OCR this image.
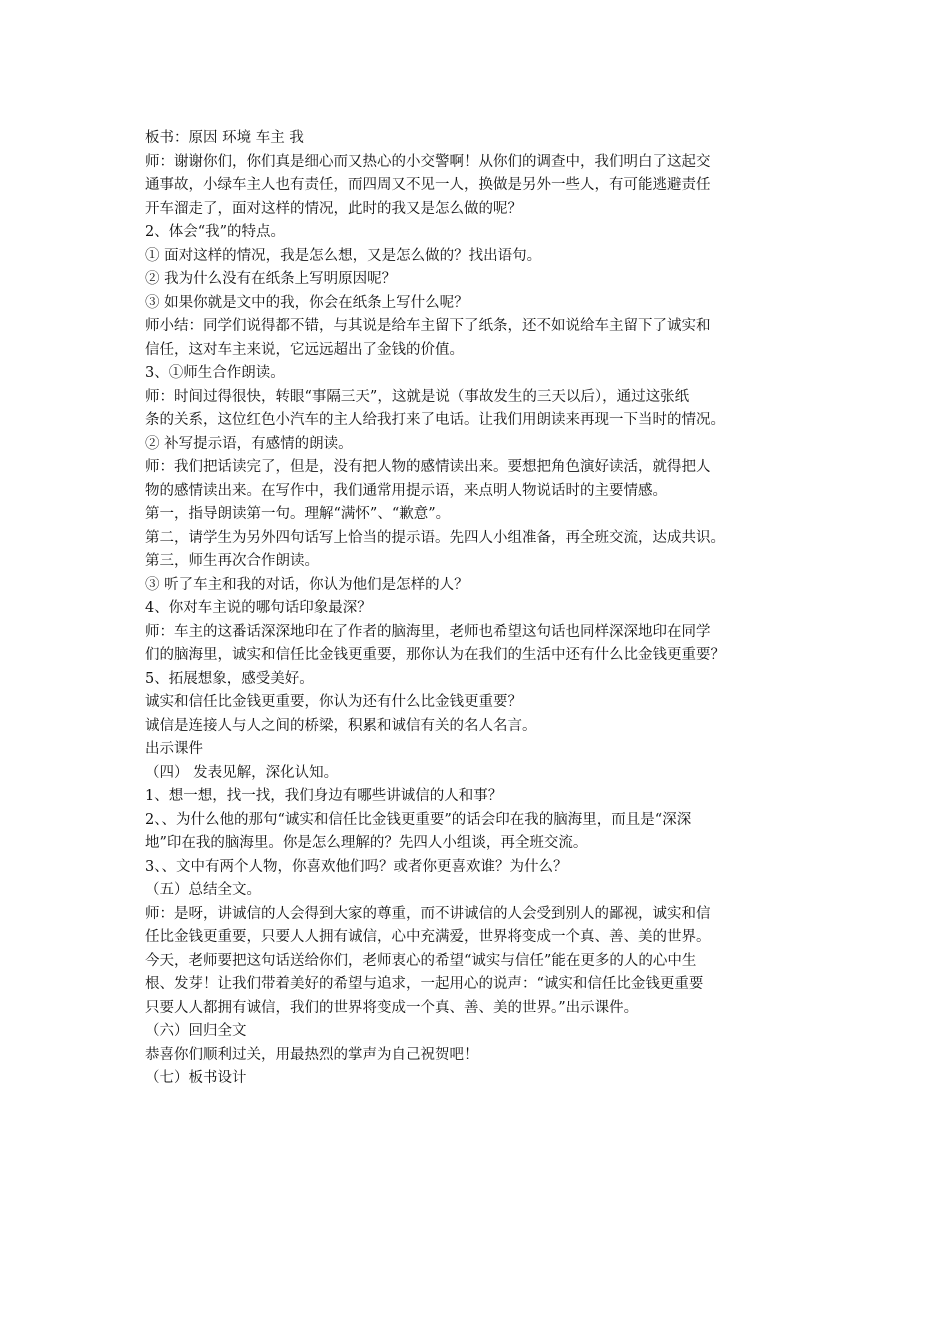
板书：原因 环境 车主 我
师：谢谢你们，你们真是细心而又热心的小交警啊！从你们的调查中，我们明白了这起交
通事故，小绿车主人也有责任，而四周又不见一人，换做是另外一些人，有可能逃避责任
开车溜走了，面对这样的情况，此时的我又是怎么做的呢？
2、体会“我”的特点。
① 面对这样的情况，我是怎么想，又是怎么做的？找出语句。
② 我为什么没有在纸条上写明原因呢？
③ 如果你就是文中的我，你会在纸条上写什么呢？
师小结：同学们说得都不错，与其说是给车主留下了纸条，还不如说给车主留下了诚实和
信任，这对车主来说，它远远超出了金钱的价值。
3、①师生合作朗读。
师：时间过得很快，转眼“事隔三天”，这就是说（事故发生的三天以后），通过这张纸
条的关系，这位红色小汽车的主人给我打来了电话。让我们用朗读来再现一下当时的情况。
② 补写提示语，有感情的朗读。
师：我们把话读完了，但是，没有把人物的感情读出来。要想把角色演好读活，就得把人
物的感情读出来。在写作中，我们通常用提示语，来点明人物说话时的主要情感。
第一，指导朗读第一句。理解“满怀”、“歉意”。
第二，请学生为另外四句话写上恰当的提示语。先四人小组准备，再全班交流，达成共识。
第三，师生再次合作朗读。
③ 听了车主和我的对话，你认为他们是怎样的人？
4、你对车主说的哪句话印象最深？
师：车主的这番话深深地印在了作者的脑海里，老师也希望这句话也同样深深地印在同学
们的脑海里，诚实和信任比金钱更重要，那你认为在我们的生活中还有什么比金钱更重要？
5、拓展想象，感受美好。
诚实和信任比金钱更重要，你认为还有什么比金钱更重要？
诚信是连接人与人之间的桥梁，积累和诚信有关的名人名言。
出示课件
（四） 发表见解，深化认知。
1、想一想，找一找，我们身边有哪些讲诚信的人和事？
2、、为什么他的那句“诚实和信任比金钱更重要”的话会印在我的脑海里，而且是“深深
地”印在我的脑海里。你是怎么理解的？先四人小组谈，再全班交流。
3、、文中有两个人物，你喜欢他们吗？或者你更喜欢谁？为什么？
（五）总结全文。
师：是呀，讲诚信的人会得到大家的尊重，而不讲诚信的人会受到别人的鄙视，诚实和信
任比金钱更重要，只要人人拥有诚信，心中充满爱，世界将变成一个真、善、美的世界。
今天，老师要把这句话送给你们，老师衷心的希望“诚实与信任”能在更多的人的心中生
根、发芽！让我们带着美好的希望与追求，一起用心的说声：“诚实和信任比金钱更重要
只要人人都拥有诚信，我们的世界将变成一个真、善、美的世界。”出示课件。
（六）回归全文
恭喜你们顺利过关，用最热烈的掌声为自己祝贺吧！
（七）板书设计
